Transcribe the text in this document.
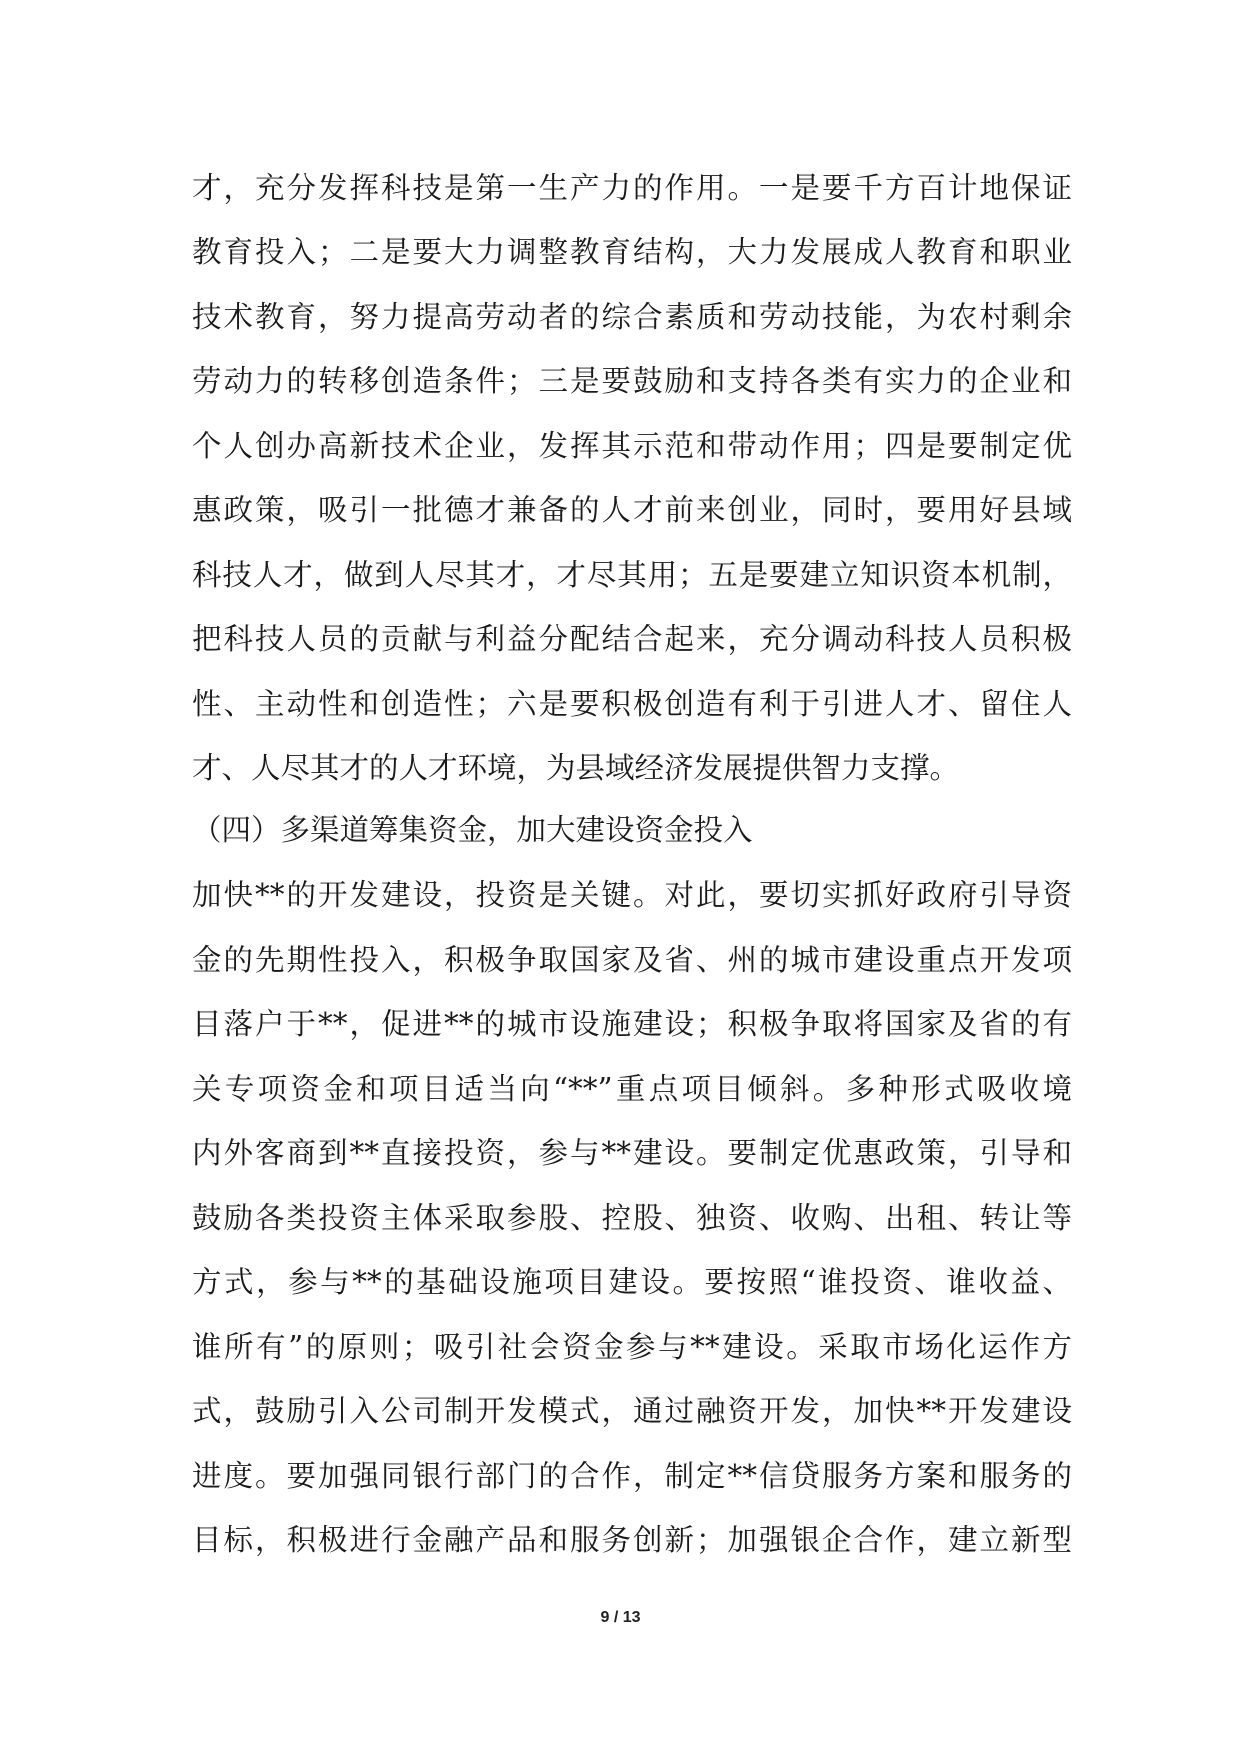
才，充分发挥科技是第一生产力的作用。一是要千方百计地保证
教育投入；二是要大力调整教育结构，大力发展成人教育和职业
技术教育，努力提高劳动者的综合素质和劳动技能，为农村剩余
劳动力的转移创造条件；三是要鼓励和支持各类有实力的企业和
个人创办高新技术企业，发挥其示范和带动作用；四是要制定优
惠政策，吸引一批德才兼备的人才前来创业，同时，要用好县域
科技人才，做到人尽其才，才尽其用；五是要建立知识资本机制，
把科技人员的贡献与利益分配结合起来，充分调动科技人员积极
性、主动性和创造性；六是要积极创造有利于引进人才、留住人
才、人尽其才的人才环境，为县域经济发展提供智力支撑。
（四）多渠道筹集资金，加大建设资金投入
加快**的开发建设，投资是关键。对此，要切实抓好政府引导资
金的先期性投入，积极争取国家及省、州的城市建设重点开发项
目落户于**，促进**的城市设施建设；积极争取将国家及省的有
关专项资金和项目适当向“**”重点项目倾斜。多种形式吸收境
内外客商到**直接投资，参与**建设。要制定优惠政策，引导和
鼓励各类投资主体采取参股、控股、独资、收购、出租、转让等
方式，参与**的基础设施项目建设。要按照“谁投资、谁收益、
谁所有”的原则；吸引社会资金参与**建设。采取市场化运作方
式，鼓励引入公司制开发模式，通过融资开发，加快**开发建设
进度。要加强同银行部门的合作，制定**信贷服务方案和服务的
目标，积极进行金融产品和服务创新；加强银企合作，建立新型
9 / 13
